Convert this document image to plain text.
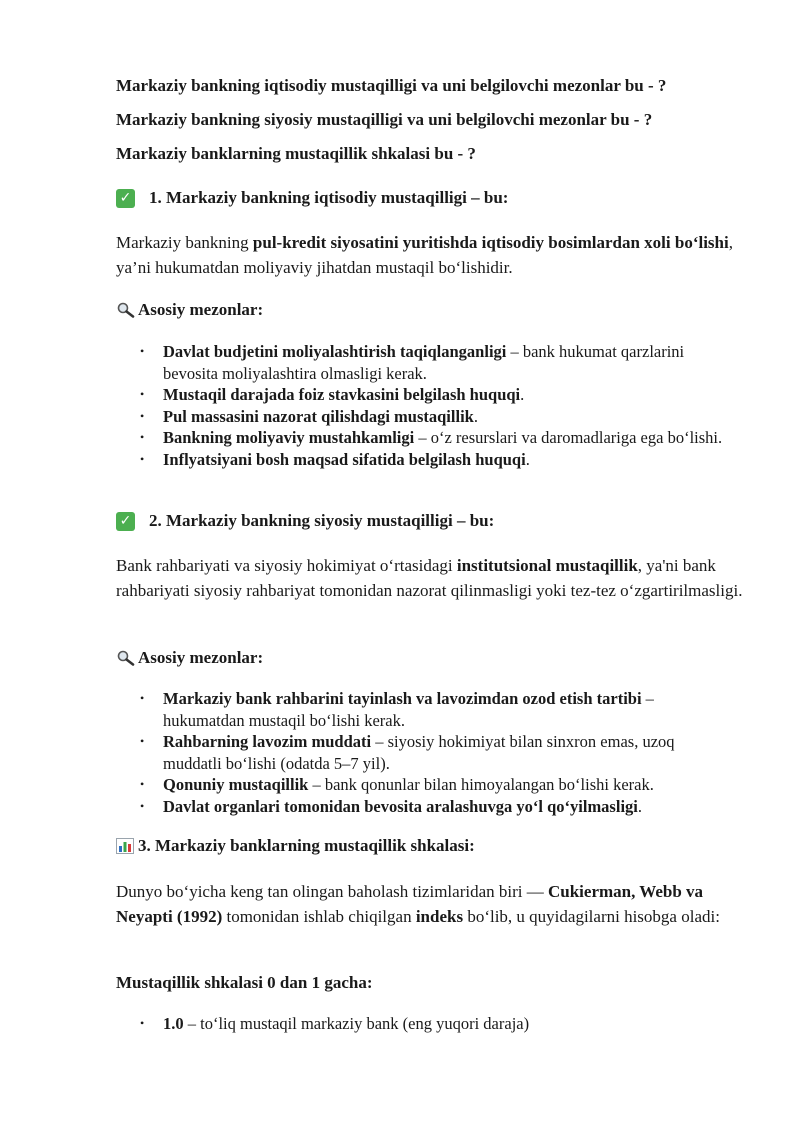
Markaziy bankning iqtisodiy mustaqilligi va uni belgilovchi mezonlar bu - ?
Markaziy bankning siyosiy mustaqilligi va uni belgilovchi mezonlar bu - ?
Markaziy banklarning mustaqillik shkalasi bu - ?
✓ 1. Markaziy bankning iqtisodiy mustaqilligi – bu:
Markaziy bankning pul-kredit siyosatini yuritishda iqtisodiy bosimlardan xoli bo‘lishi, ya’ni hukumatdan moliyaviy jihatdan mustaqil bo‘lishidir.
Asosiy mezonlar:
• Davlat budjetini moliyalashtirish taqiqlanganligi – bank hukumat qarzlarini bevosita moliyalashtira olmasligi kerak.
• Mustaqil darajada foiz stavkasini belgilash huquqi.
• Pul massasini nazorat qilishdagi mustaqillik.
• Bankning moliyaviy mustahkamligi – o‘z resurslari va daromadlariga ega bo‘lishi.
• Inflyatsiyani bosh maqsad sifatida belgilash huquqi.
✓ 2. Markaziy bankning siyosiy mustaqilligi – bu:
Bank rahbariyati va siyosiy hokimiyat o‘rtasidagi institutsional mustaqillik, ya'ni bank rahbariyati siyosiy rahbariyat tomonidan nazorat qilinmasligi yoki tez-tez o‘zgartirilmasligi.
Asosiy mezonlar:
• Markaziy bank rahbarini tayinlash va lavozimdan ozod etish tartibi – hukumatdan mustaqil bo‘lishi kerak.
• Rahbarning lavozim muddati – siyosiy hokimiyat bilan sinxron emas, uzoq muddatli bo‘lishi (odatda 5–7 yil).
• Qonuniy mustaqillik – bank qonunlar bilan himoyalangan bo‘lishi kerak.
• Davlat organlari tomonidan bevosita aralashuvga yo‘l qo‘yilmasligi.
3. Markaziy banklarning mustaqillik shkalasi:
Dunyo bo‘yicha keng tan olingan baholash tizimlaridan biri — Cukierman, Webb va Neyapti (1992) tomonidan ishlab chiqilgan indeks bo‘lib, u quyidagilarni hisobga oladi:
Mustaqillik shkalasi 0 dan 1 gacha:
• 1.0 – to‘liq mustaqil markaziy bank (eng yuqori daraja)
